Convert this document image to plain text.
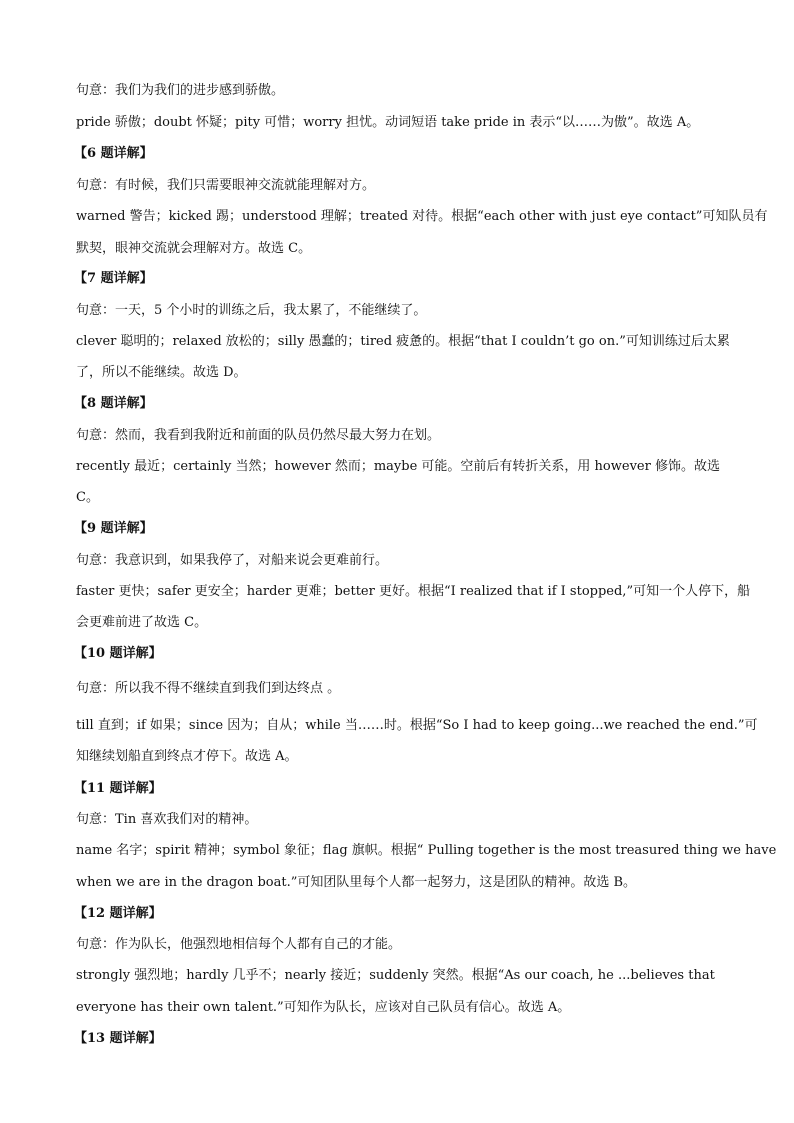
句意：我们为我们的进步感到骄傲。
pride 骄傲；doubt 怀疑；pity 可惜；worry 担忧。动词短语 take pride in 表示“以……为傲”。故选 A。
【6 题详解】
句意：有时候，我们只需要眼神交流就能理解对方。
warned 警告；kicked 踢；understood 理解；treated 对待。根据“each other with just eye contact”可知队员有
默契，眼神交流就会理解对方。故选 C。
【7 题详解】
句意：一天，5 个小时的训练之后，我太累了，不能继续了。
clever 聪明的；relaxed 放松的；silly 愚蠢的；tired 疲惫的。根据“that I couldn’t go on.”可知训练过后太累
了，所以不能继续。故选 D。
【8 题详解】
句意：然而，我看到我附近和前面的队员仍然尽最大努力在划。
recently 最近；certainly 当然；however 然而；maybe 可能。空前后有转折关系，用 however 修饰。故选
C。
【9 题详解】
句意：我意识到，如果我停了，对船来说会更难前行。
faster 更快；safer 更安全；harder 更难；better 更好。根据“I realized that if I stopped,”可知一个人停下，船
会更难前进了故选 C。
【10 题详解】
句意：所以我不得不继续直到我们到达终点 。
till 直到；if 如果；since 因为；自从；while 当……时。根据“So I had to keep going...we reached the end.”可
知继续划船直到终点才停下。故选 A。
【11 题详解】
句意：Tin 喜欢我们对的精神。
name 名字；spirit 精神；symbol 象征；flag 旗帜。根据“ Pulling together is the most treasured thing we have
when we are in the dragon boat.”可知团队里每个人都一起努力，这是团队的精神。故选 B。
【12 题详解】
句意：作为队长，他强烈地相信每个人都有自己的才能。
strongly 强烈地；hardly 几乎不；nearly 接近；suddenly 突然。根据“As our coach, he ...believes that
everyone has their own talent.”可知作为队长，应该对自己队员有信心。故选 A。
【13 题详解】
